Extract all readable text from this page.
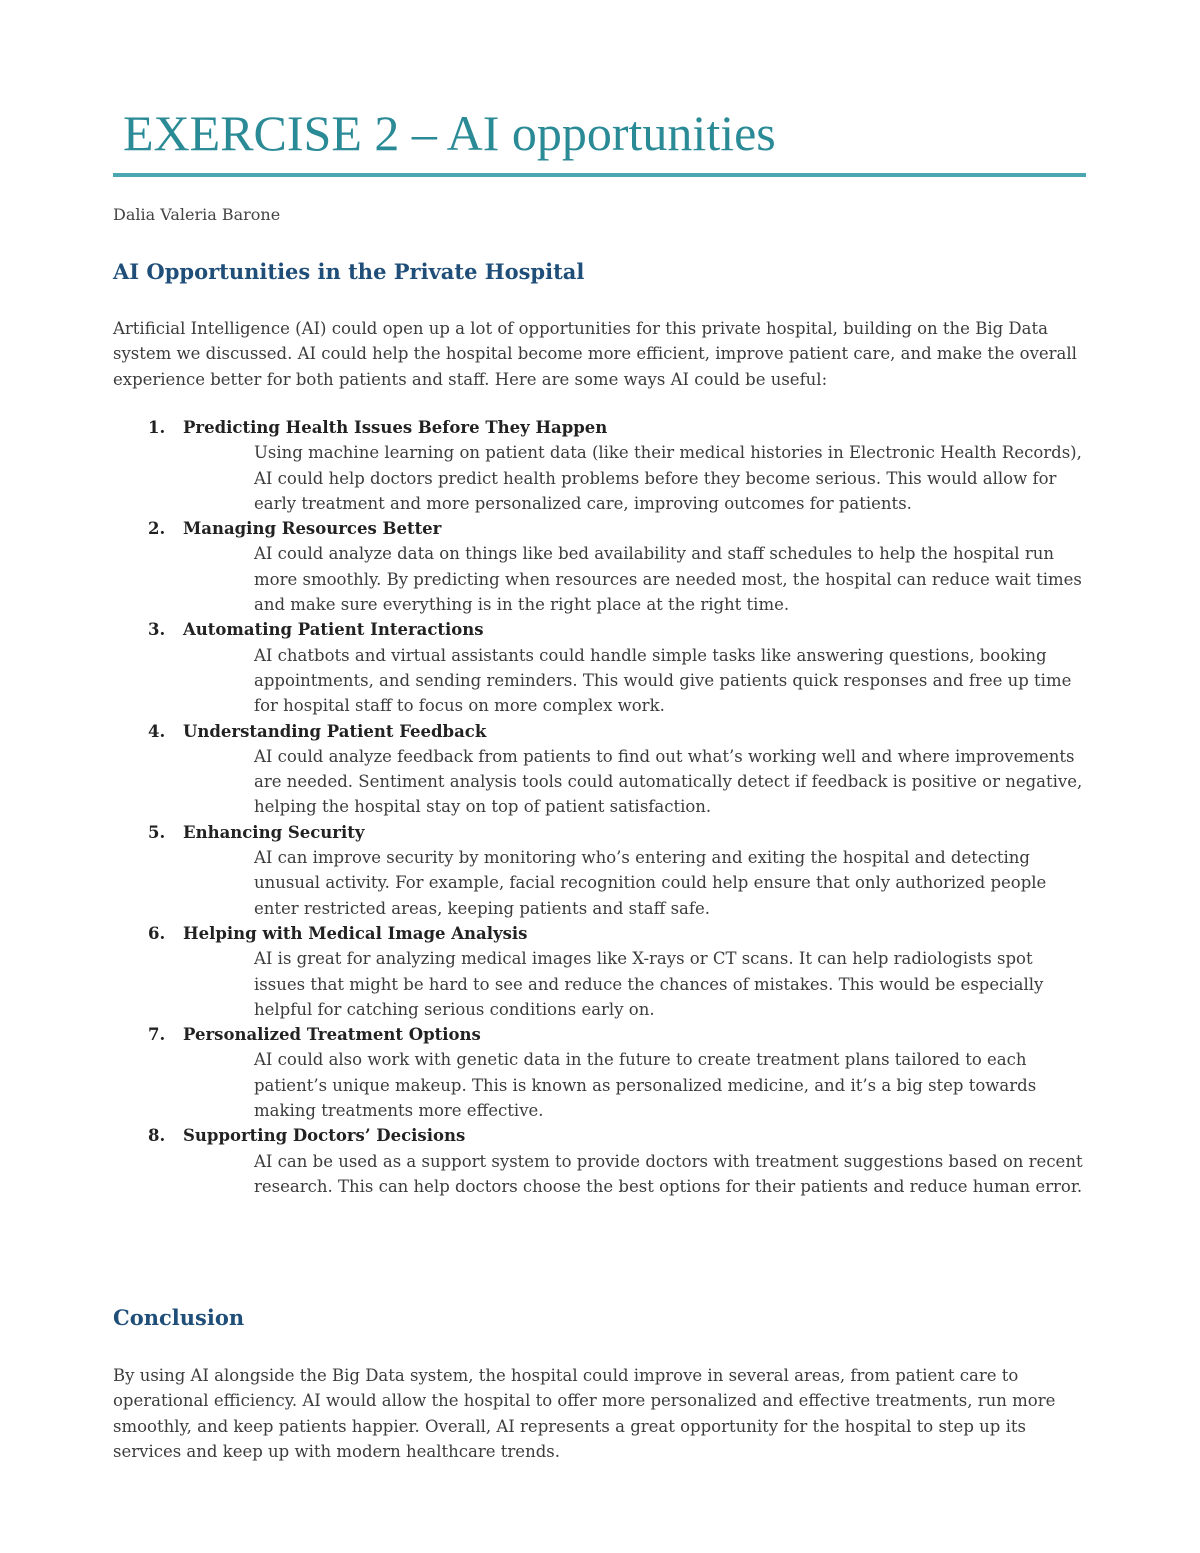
EXERCISE 2 – AI opportunities
Dalia Valeria Barone
AI Opportunities in the Private Hospital

Artificial Intelligence (AI) could open up a lot of opportunities for this private hospital, building on the Big Data system we discussed. AI could help the hospital become more efficient, improve patient care, and make the overall experience better for both patients and staff. Here are some ways AI could be useful:

1. Predicting Health Issues Before They Happen
Using machine learning on patient data (like their medical histories in Electronic Health Records), AI could help doctors predict health problems before they become serious. This would allow for early treatment and more personalized care, improving outcomes for patients.
2. Managing Resources Better
AI could analyze data on things like bed availability and staff schedules to help the hospital run more smoothly. By predicting when resources are needed most, the hospital can reduce wait times and make sure everything is in the right place at the right time.
3. Automating Patient Interactions
AI chatbots and virtual assistants could handle simple tasks like answering questions, booking appointments, and sending reminders. This would give patients quick responses and free up time for hospital staff to focus on more complex work.
4. Understanding Patient Feedback
AI could analyze feedback from patients to find out what’s working well and where improvements are needed. Sentiment analysis tools could automatically detect if feedback is positive or negative, helping the hospital stay on top of patient satisfaction.
5. Enhancing Security
AI can improve security by monitoring who’s entering and exiting the hospital and detecting unusual activity. For example, facial recognition could help ensure that only authorized people enter restricted areas, keeping patients and staff safe.
6. Helping with Medical Image Analysis
AI is great for analyzing medical images like X-rays or CT scans. It can help radiologists spot issues that might be hard to see and reduce the chances of mistakes. This would be especially helpful for catching serious conditions early on.
7. Personalized Treatment Options
AI could also work with genetic data in the future to create treatment plans tailored to each patient’s unique makeup. This is known as personalized medicine, and it’s a big step towards making treatments more effective.
8. Supporting Doctors’ Decisions
AI can be used as a support system to provide doctors with treatment suggestions based on recent research. This can help doctors choose the best options for their patients and reduce human error.
Conclusion

By using AI alongside the Big Data system, the hospital could improve in several areas, from patient care to operational efficiency. AI would allow the hospital to offer more personalized and effective treatments, run more smoothly, and keep patients happier. Overall, AI represents a great opportunity for the hospital to step up its services and keep up with modern healthcare trends.
